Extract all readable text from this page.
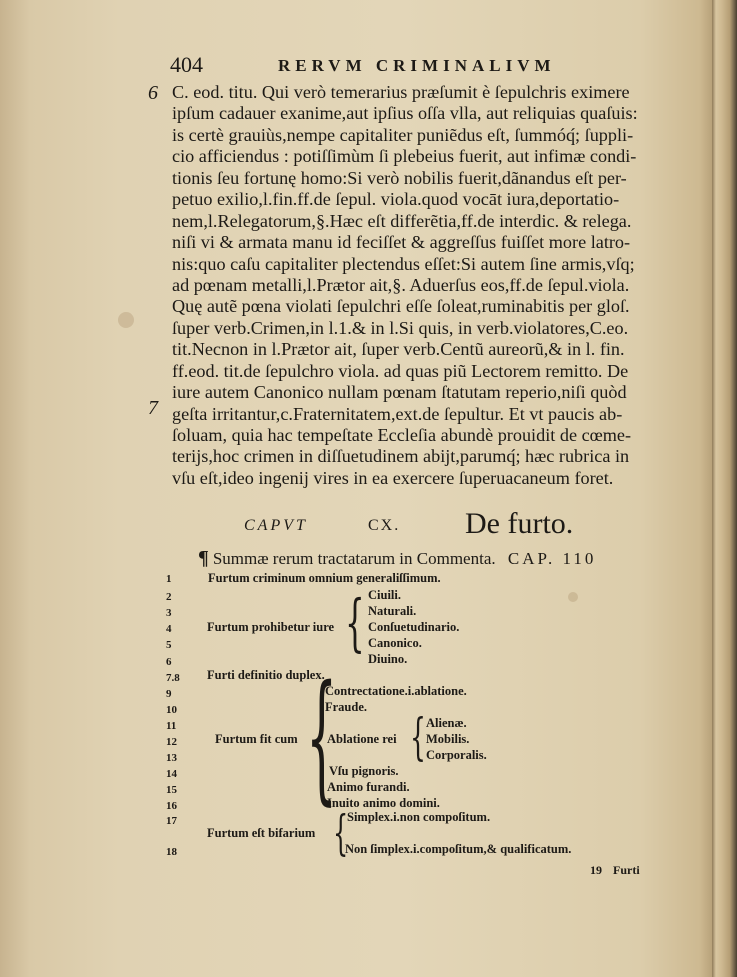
404	RERVM CRIMINALIVM
6
7
C. eod. titu. Qui verò temerarius præſumit è ſepulchris eximere
ipſum cadauer exanime,aut ipſius oſſa vlla, aut reliquias quaſuis:
is certè grauiùs,nempe capitaliter puniẽdus eſt, ſummóq́; ſuppli-
cio afficiendus : potiſſimùm ſi plebeius fuerit, aut infimæ condi-
tionis ſeu fortunę homo:Si verò nobilis fuerit,dãnandus eſt per-
petuo exilio,l.fin.ff.de ſepul. viola.quod vocāt iura,deportatio-
nem,l.Relegatorum,§.Hæc eſt differẽtia,ff.de interdic. & relega.
niſi vi & armata manu id feciſſet & aggreſſus fuiſſet more latro-
nis:quo caſu capitaliter plectendus eſſet:Si autem ſine armis,vſq;
ad pœnam metalli,l.Prætor ait,§. Aduerſus eos,ff.de ſepul.viola.
Quę autẽ pœna violati ſepulchri eſſe ſoleat,ruminabitis per gloſ.
ſuper verb.Crimen,in l.1.& in l.Si quis, in verb.violatores,C.eo.
tit.Necnon in l.Prætor ait, ſuper verb.Centũ aureorũ,& in l. fin.
ff.eod. tit.de ſepulchro viola. ad quas piũ Lectorem remitto. De
iure autem Canonico nullam pœnam ſtatutam reperio,niſi quòd
geſta irritantur,c.Fraternitatem,ext.de ſepultur. Et vt paucis ab-
ſoluam, quia hac tempeſtate Eccleſia abundè prouidit de cœme-
terijs,hoc crimen in diſſuetudinem abijt,parumq́; hæc rubrica in
vſu eſt,ideo ingenij vires in ea exercere ſuperuacaneum foret.
CAPVT	CX. De furto.
¶ Summæ rerum tractatarum in Commenta. CAP. 110
1
2
3
4
5
6
7.8
9
10
11
12
13
14
15
16
17
18
Furtum criminum omnium generaliſſimum.
Furtum prohibetur iure { Ciuili.
Naturali.
Conſuetudinario.
Canonico.
Diuino.
Furti definitio duplex.
Furtum fit cum {
Contrectatione.i.ablatione.
Fraude.
Ablatione rei { Alienæ.
Mobilis.
Corporalis.
Vſu pignoris.
Animo furandi.
Inuito animo domini.
Furtum eſt bifarium {
Simplex.i.non compoſitum.
Non ſimplex.i.compoſitum,& qualificatum.
19 Furti
